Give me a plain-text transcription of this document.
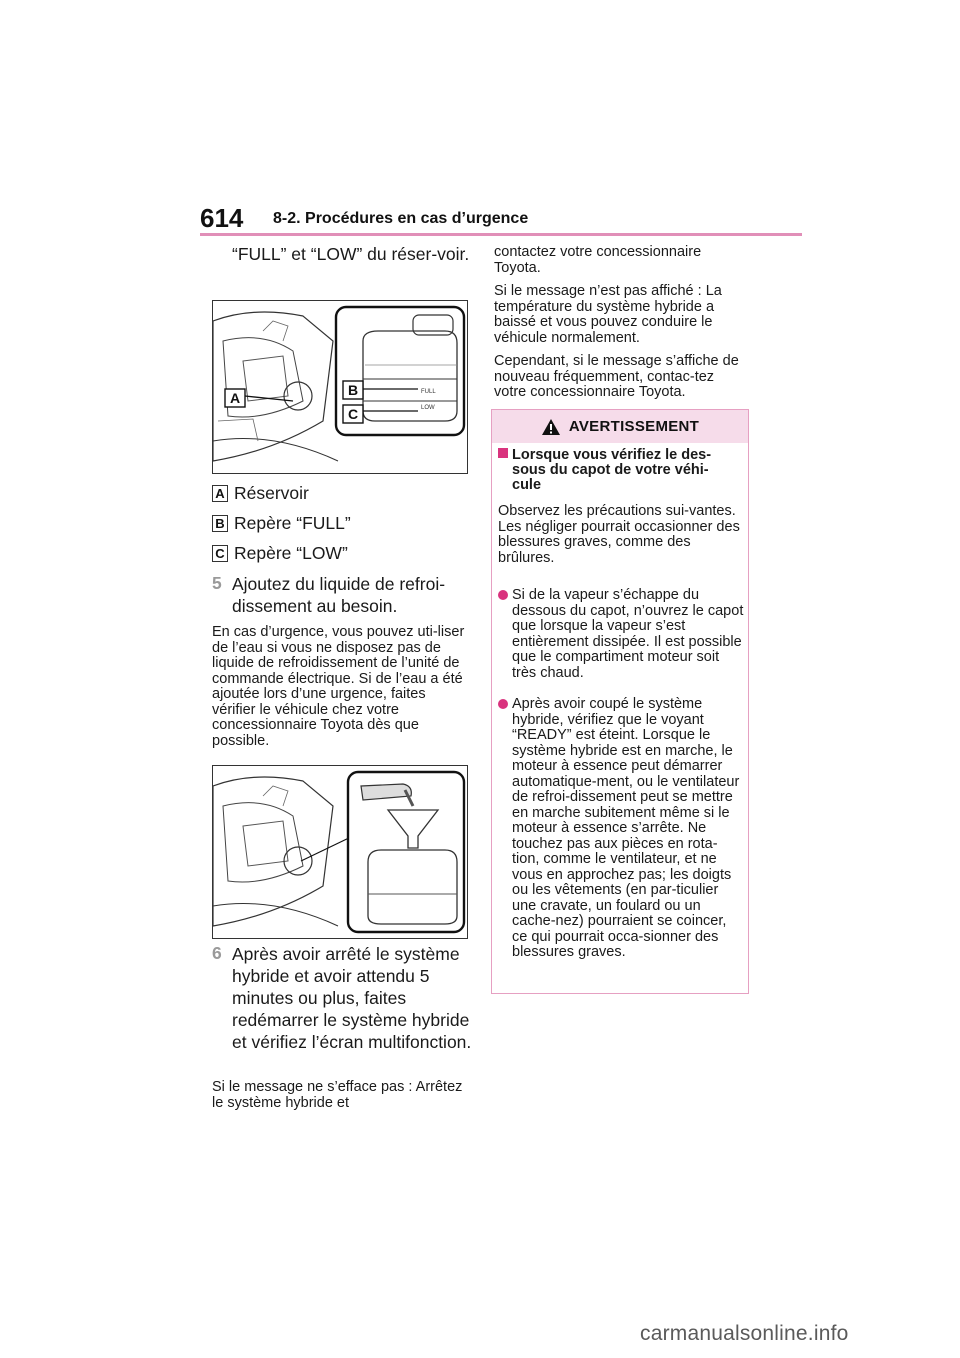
614 8-2. Procédures en cas d’urgence
“FULL” et “LOW” du réser-voir.
FULL
LOW
A	B
C
A Réservoir
B Repère “FULL”
C Repère “LOW”
5 Ajoutez du liquide de refroi-dissement au besoin.
En cas d’urgence, vous pouvez uti-liser de l’eau si vous ne disposez pas de liquide de refroidissement de l’unité de commande électrique. Si de l’eau a été ajoutée lors d’une urgence, faites vérifier le véhicule chez votre concessionnaire Toyota dès que possible.
6 Après avoir arrêté le système hybride et avoir attendu 5 minutes ou plus, faites redémarrer le système hybride et vérifiez l’écran multifonction.
Si le message ne s’efface pas : Arrêtez le système hybride et

contactez votre concessionnaire Toyota.

Si le message n’est pas affiché : La température du système hybride a baissé et vous pouvez conduire le véhicule normalement.

Cependant, si le message s’affiche de nouveau fréquemment, contac-tez votre concessionnaire Toyota.

AVERTISSEMENT
Lorsque vous vérifiez le des-
sous du capot de votre véhi-
cule
Observez les précautions sui-vantes. Les négliger pourrait occasionner des blessures graves, comme des brûlures.
Si de la vapeur s’échappe du dessous du capot, n’ouvrez le capot que lorsque la vapeur s’est entièrement dissipée. Il est possible que le compartiment moteur soit très chaud.
Après avoir coupé le système hybride, vérifiez que le voyant “READY” est éteint. Lorsque le système hybride est en marche, le moteur à essence peut démarrer automatique-ment, ou le ventilateur de refroi-dissement peut se mettre en marche subitement même si le moteur à essence s’arrête. Ne touchez pas aux pièces en rota-tion, comme le ventilateur, et ne vous en approchez pas; les doigts ou les vêtements (en par-ticulier une cravate, un foulard ou un cache-nez) pourraient se coincer, ce qui pourrait occa-sionner des blessures graves.
carmanualsonline.info
